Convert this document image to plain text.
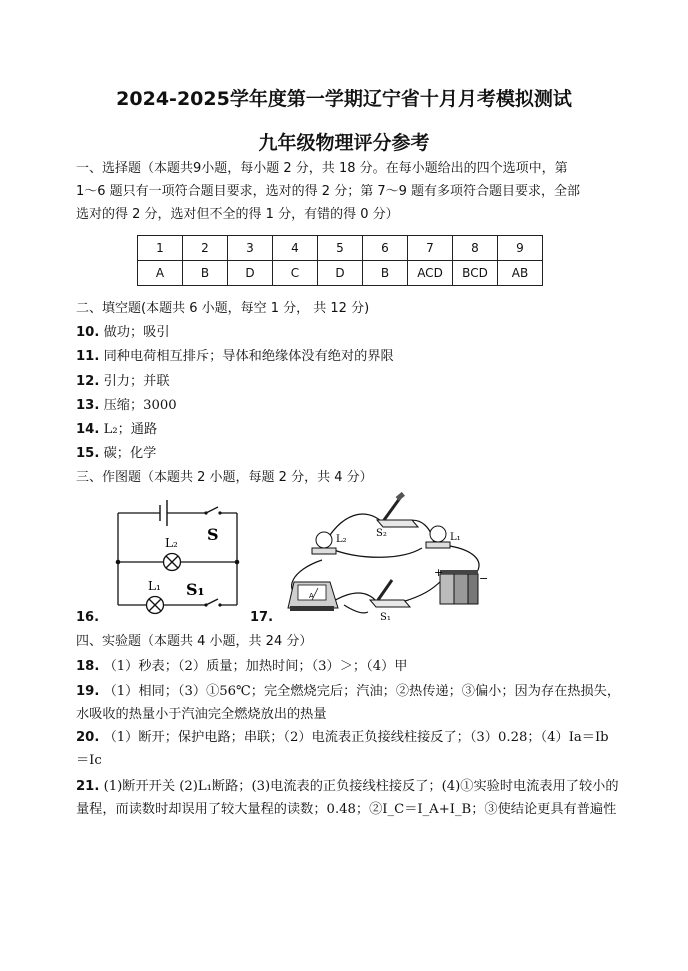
2024-2025学年度第一学期辽宁省十月月考模拟测试
九年级物理评分参考
一、选择题（本题共9小题，每小题 2 分，共 18 分。在每小题给出的四个选项中，第
1～6 题只有一项符合题目要求，选对的得 2 分；第 7～9 题有多项符合题目要求，全部
选对的得 2 分，选对但不全的得 1 分，有错的得 0 分）
1	2	3	4	5	6	7	8	9
A	B	D	C	D	B	ACD	BCD	AB
二、填空题(本题共 6 小题，每空 1 分， 共 12 分)
10. 做功；吸引
11. 同种电荷相互排斥；导体和绝缘体没有绝对的界限
12. 引力；并联
13. 压缩；3000
14. L₂；通路
15. 碳；化学
三、作图题（本题共 2 小题，每题 2 分，共 4 分）
S
L₂
L₁ S₁
16.	17.
S₂
L₂	L₁
A
S₁
+	−
四、实验题（本题共 4 小题，共 24 分）
18. （1）秒表；（2）质量；加热时间；（3）＞；（4）甲
19. （1）相同；（3）①56℃；完全燃烧完后；汽油；②热传递；③偏小；因为存在热损失，水吸收的热量小于汽油完全燃烧放出的热量
20. （1）断开；保护电路；串联；（2）电流表正负接线柱接反了；（3）0.28；（4）Ia＝Ib＝Ic
21. (1)断开开关 (2)L₁断路；(3)电流表的正负接线柱接反了；(4)①实验时电流表用了较小的量程，而读数时却误用了较大量程的读数；0.48；②I_C＝I_A+I_B；③使结论更具有普遍性
